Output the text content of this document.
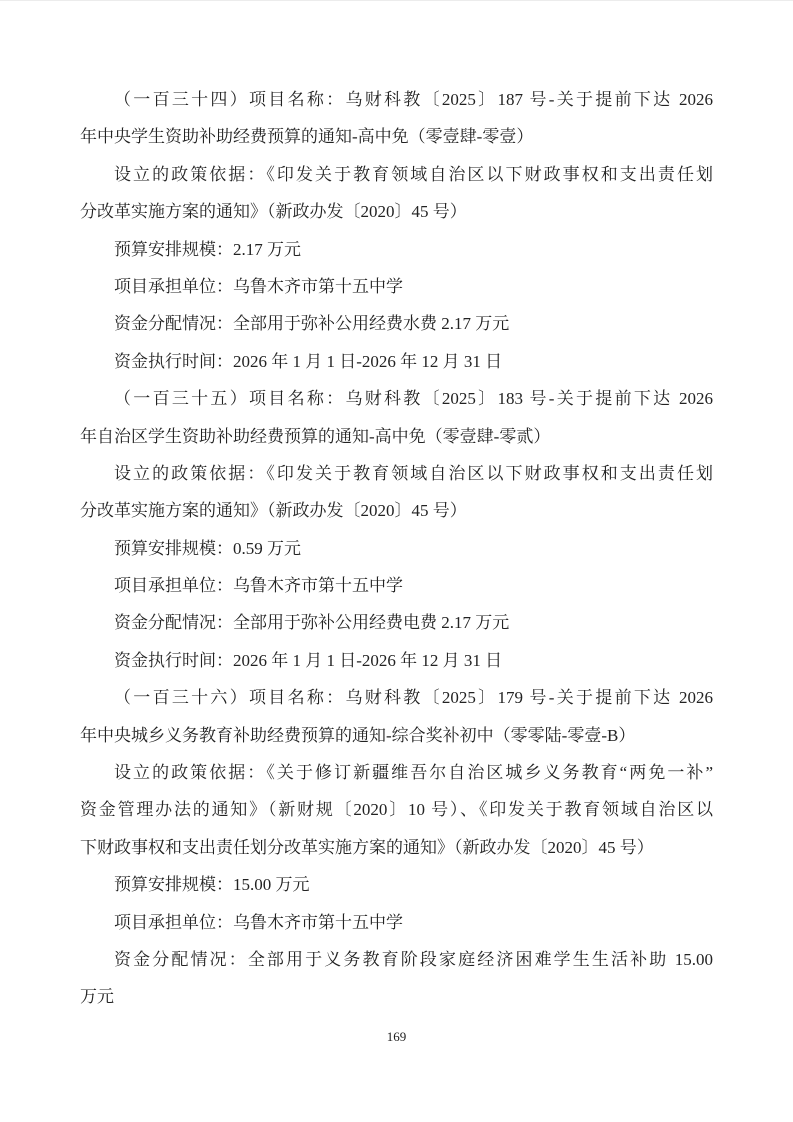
（一百三十四）项目名称：乌财科教〔2025〕187 号-关于提前下达 2026
年中央学生资助补助经费预算的通知-高中免（零壹肆-零壹）
设立的政策依据：《印发关于教育领域自治区以下财政事权和支出责任划
分改革实施方案的通知》（新政办发〔2020〕45 号）
预算安排规模：2.17 万元
项目承担单位：乌鲁木齐市第十五中学
资金分配情况：全部用于弥补公用经费水费 2.17 万元
资金执行时间：2026 年 1 月 1 日-2026 年 12 月 31 日
（一百三十五）项目名称：乌财科教〔2025〕183 号-关于提前下达 2026
年自治区学生资助补助经费预算的通知-高中免（零壹肆-零贰）
设立的政策依据：《印发关于教育领域自治区以下财政事权和支出责任划
分改革实施方案的通知》（新政办发〔2020〕45 号）
预算安排规模：0.59 万元
项目承担单位：乌鲁木齐市第十五中学
资金分配情况：全部用于弥补公用经费电费 2.17 万元
资金执行时间：2026 年 1 月 1 日-2026 年 12 月 31 日
（一百三十六）项目名称：乌财科教〔2025〕179 号-关于提前下达 2026
年中央城乡义务教育补助经费预算的通知-综合奖补初中（零零陆-零壹-B）
设立的政策依据：《关于修订新疆维吾尔自治区城乡义务教育“两免一补”
资金管理办法的通知》（新财规〔2020〕10 号）、《印发关于教育领域自治区以
下财政事权和支出责任划分改革实施方案的通知》（新政办发〔2020〕45 号）
预算安排规模：15.00 万元
项目承担单位：乌鲁木齐市第十五中学
资金分配情况：全部用于义务教育阶段家庭经济困难学生生活补助 15.00
万元
169
